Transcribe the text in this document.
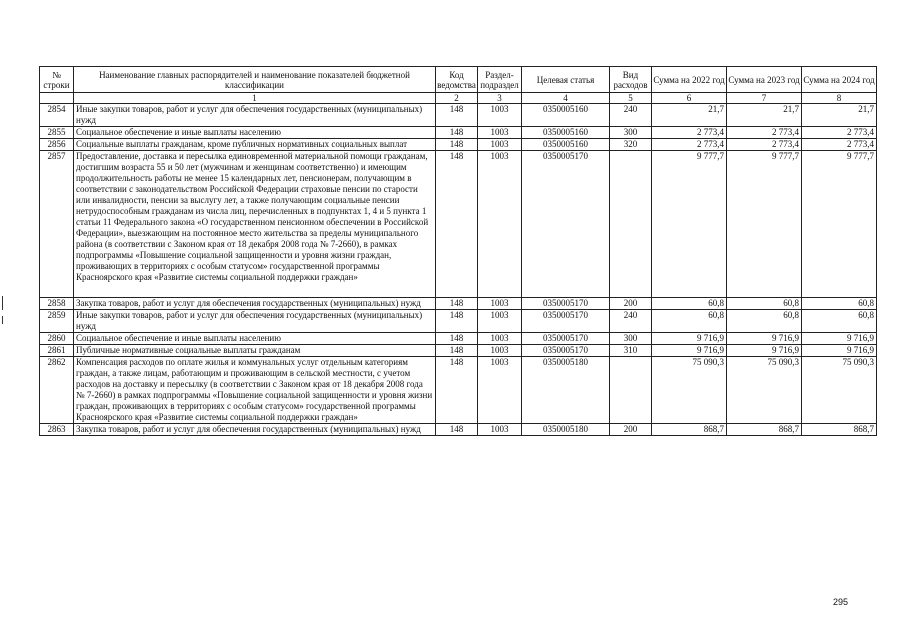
№ строки	Наименование главных распорядителей и наименование показателей бюджетной классификации	Код ведомства	Раздел-подраздел	Целевая статья	Вид расходов	Сумма на 2022 год	Сумма на 2023 год	Сумма на 2024 год
	1	2	3	4	5	6	7	8
2854	Иные закупки товаров, работ и услуг для обеспечения государственных (муниципальных) нужд	148	1003	0350005160	240	21,7	21,7	21,7
2855	Социальное обеспечение и иные выплаты населению	148	1003	0350005160	300	2 773,4	2 773,4	2 773,4
2856	Социальные выплаты гражданам, кроме публичных нормативных социальных выплат	148	1003	0350005160	320	2 773,4	2 773,4	2 773,4
2857	Предоставление, доставка и пересылка единовременной материальной помощи гражданам, достигшим возраста 55 и 50 лет (мужчинам и женщинам соответственно) и имеющим продолжительность работы не менее 15 календарных лет, пенсионерам, получающим в соответствии с законодательством Российской Федерации страховые пенсии по старости или инвалидности, пенсии за выслугу лет, а также получающим социальные пенсии нетрудоспособным гражданам из числа лиц, перечисленных в подпунктах 1, 4 и 5 пункта 1 статьи 11 Федерального закона «О государственном пенсионном обеспечении в Российской Федерации», выезжающим на постоянное место жительства за пределы муниципального района (в соответствии с Законом края от 18 декабря 2008 года № 7-2660), в рамках подпрограммы «Повышение социальной защищенности и уровня жизни граждан, проживающих в территориях с особым статусом» государственной программы Красноярского края «Развитие системы социальной поддержки граждан»	148	1003	0350005170		9 777,7	9 777,7	9 777,7
2858	Закупка товаров, работ и услуг для обеспечения государственных (муниципальных) нужд	148	1003	0350005170	200	60,8	60,8	60,8
2859	Иные закупки товаров, работ и услуг для обеспечения государственных (муниципальных) нужд	148	1003	0350005170	240	60,8	60,8	60,8
2860	Социальное обеспечение и иные выплаты населению	148	1003	0350005170	300	9 716,9	9 716,9	9 716,9
2861	Публичные нормативные социальные выплаты гражданам	148	1003	0350005170	310	9 716,9	9 716,9	9 716,9
2862	Компенсация расходов по оплате жилья и коммунальных услуг отдельным категориям граждан, а также лицам, работающим и проживающим в сельской местности, с учетом расходов на доставку и пересылку (в соответствии с Законом края от 18 декабря 2008 года № 7-2660) в рамках подпрограммы «Повышение социальной защищенности и уровня жизни граждан, проживающих в территориях с особым статусом» государственной программы Красноярского края «Развитие системы социальной поддержки граждан»	148	1003	0350005180		75 090,3	75 090,3	75 090,3
2863	Закупка товаров, работ и услуг для обеспечения государственных (муниципальных) нужд	148	1003	0350005180	200	868,7	868,7	868,7
295
